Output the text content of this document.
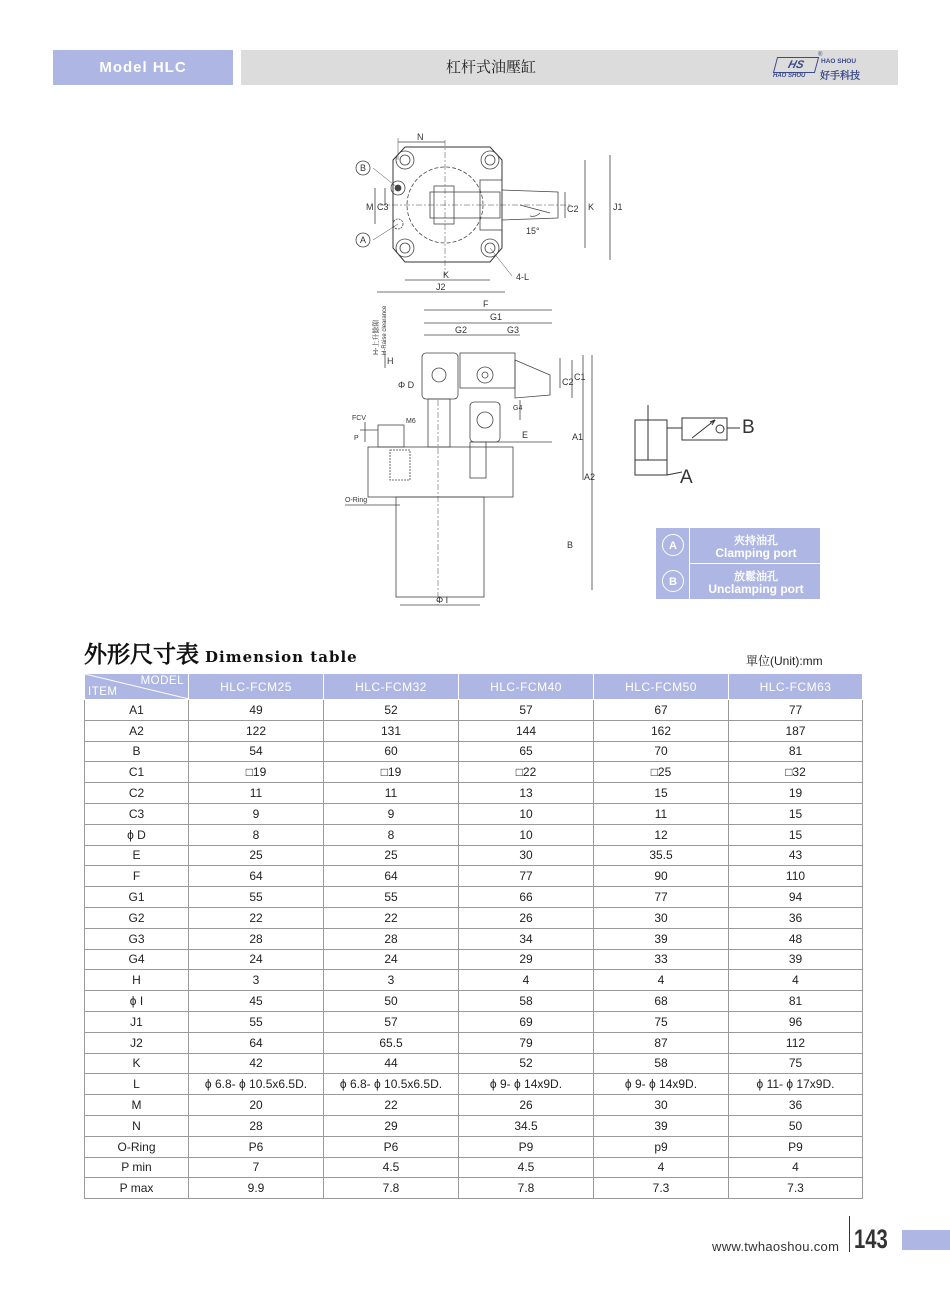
Model HLC	杠杆式油壓缸	HS
HAO SHOU
®
HAO SHOU
好手科技
N
B
A
M C3	C2 K J1
15°
K
J2
4-L
F
G1
G2	G3
H
H-上升餘隙 H-Raise clearance
Φ D
G4
C1
C2
E	A1
A2
FCV	M6
P
O-Ring
B
Φ I
B
A
A	夾持油孔
Clamping port
B	放鬆油孔
Unclamping port
外形尺寸表 Dimension table	單位(Unit):mm
MODEL
ITEM	HLC-FCM25	HLC-FCM32	HLC-FCM40	HLC-FCM50	HLC-FCM63
A1	49	52	57	67	77
A2	122	131	144	162	187
B	54	60	65	70	81
C1	□19	□19	□22	□25	□32
C2	11	11	13	15	19
C3	9	9	10	11	15
ϕ D	8	8	10	12	15
E	25	25	30	35.5	43
F	64	64	77	90	110
G1	55	55	66	77	94
G2	22	22	26	30	36
G3	28	28	34	39	48
G4	24	24	29	33	39
H	3	3	4	4	4
ϕ I	45	50	58	68	81
J1	55	57	69	75	96
J2	64	65.5	79	87	112
K	42	44	52	58	75
L	ϕ 6.8- ϕ 10.5x6.5D.	ϕ 6.8- ϕ 10.5x6.5D.	ϕ 9- ϕ 14x9D.	ϕ 9- ϕ 14x9D.	ϕ 11- ϕ 17x9D.
M	20	22	26	30	36
N	28	29	34.5	39	50
O-Ring	P6	P6	P9	p9	P9
P min	7	4.5	4.5	4	4
P max	9.9	7.8	7.8	7.3	7.3
www.twhaoshou.com 143
